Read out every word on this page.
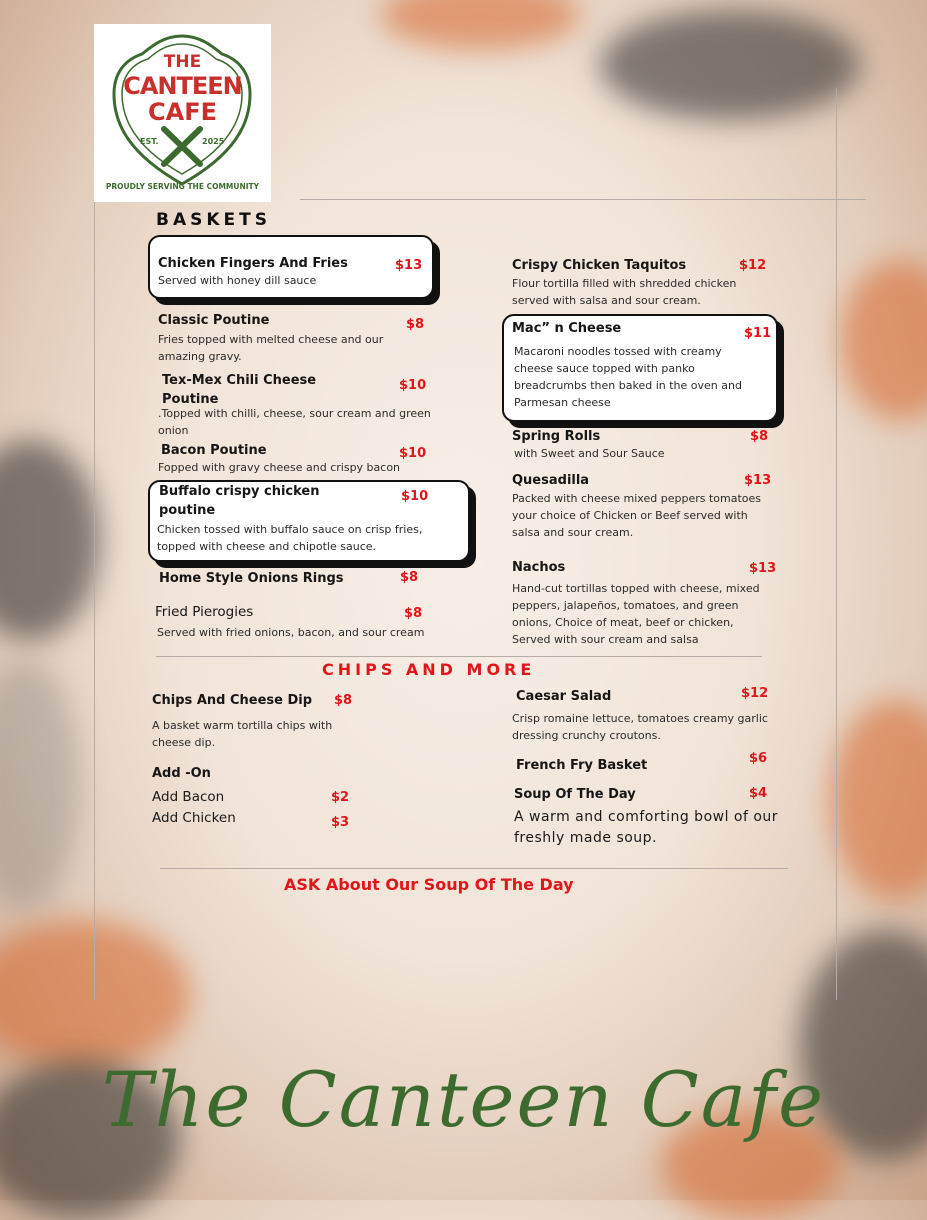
THE
CANTEEN
CAFE
EST.	2025
PROUDLY SERVING THE COMMUNITY
BASKETS
Chicken Fingers And Fries	$13
Served with honey dill sauce
Classic Poutine	$8
Fries topped with melted cheese and our amazing gravy.
Tex-Mex Chili Cheese Poutine
$10
.Topped with chilli, cheese, sour cream and green onion
Bacon Poutine	$10
Fopped with gravy cheese and crispy bacon
Buffalo crispy chicken poutine
$10
Chicken tossed with buffalo sauce on crisp fries, topped with cheese and chipotle sauce.
Home Style Onions Rings	$8
Fried Pierogies	$8
Served with fried onions, bacon, and sour cream
Crispy Chicken Taquitos	$12
Flour tortilla filled with shredded chicken served with salsa and sour cream.
Mac” n Cheese	$11
Macaroni noodles tossed with creamy cheese sauce topped with panko breadcrumbs then baked in the oven and Parmesan cheese
Spring Rolls	$8
with Sweet and Sour Sauce
Quesadilla	$13
Packed with cheese mixed peppers tomatoes your choice of Chicken or Beef served with salsa and sour cream.
Nachos	$13
Hand-cut tortillas topped with cheese, mixed peppers, jalapeños, tomatoes, and green onions, Choice of meat, beef or chicken, Served with sour cream and salsa
CHIPS AND MORE
Chips And Cheese Dip $8
A basket warm tortilla chips with cheese dip.
Add -On
Add Bacon	$2
Add Chicken	$3
Caesar Salad	$12
Crisp romaine lettuce, tomatoes creamy garlic dressing crunchy croutons.
French Fry Basket	$6
Soup Of The Day	$4
A warm and comforting bowl of our freshly made soup.
ASK About Our Soup Of The Day
The Canteen Cafe
